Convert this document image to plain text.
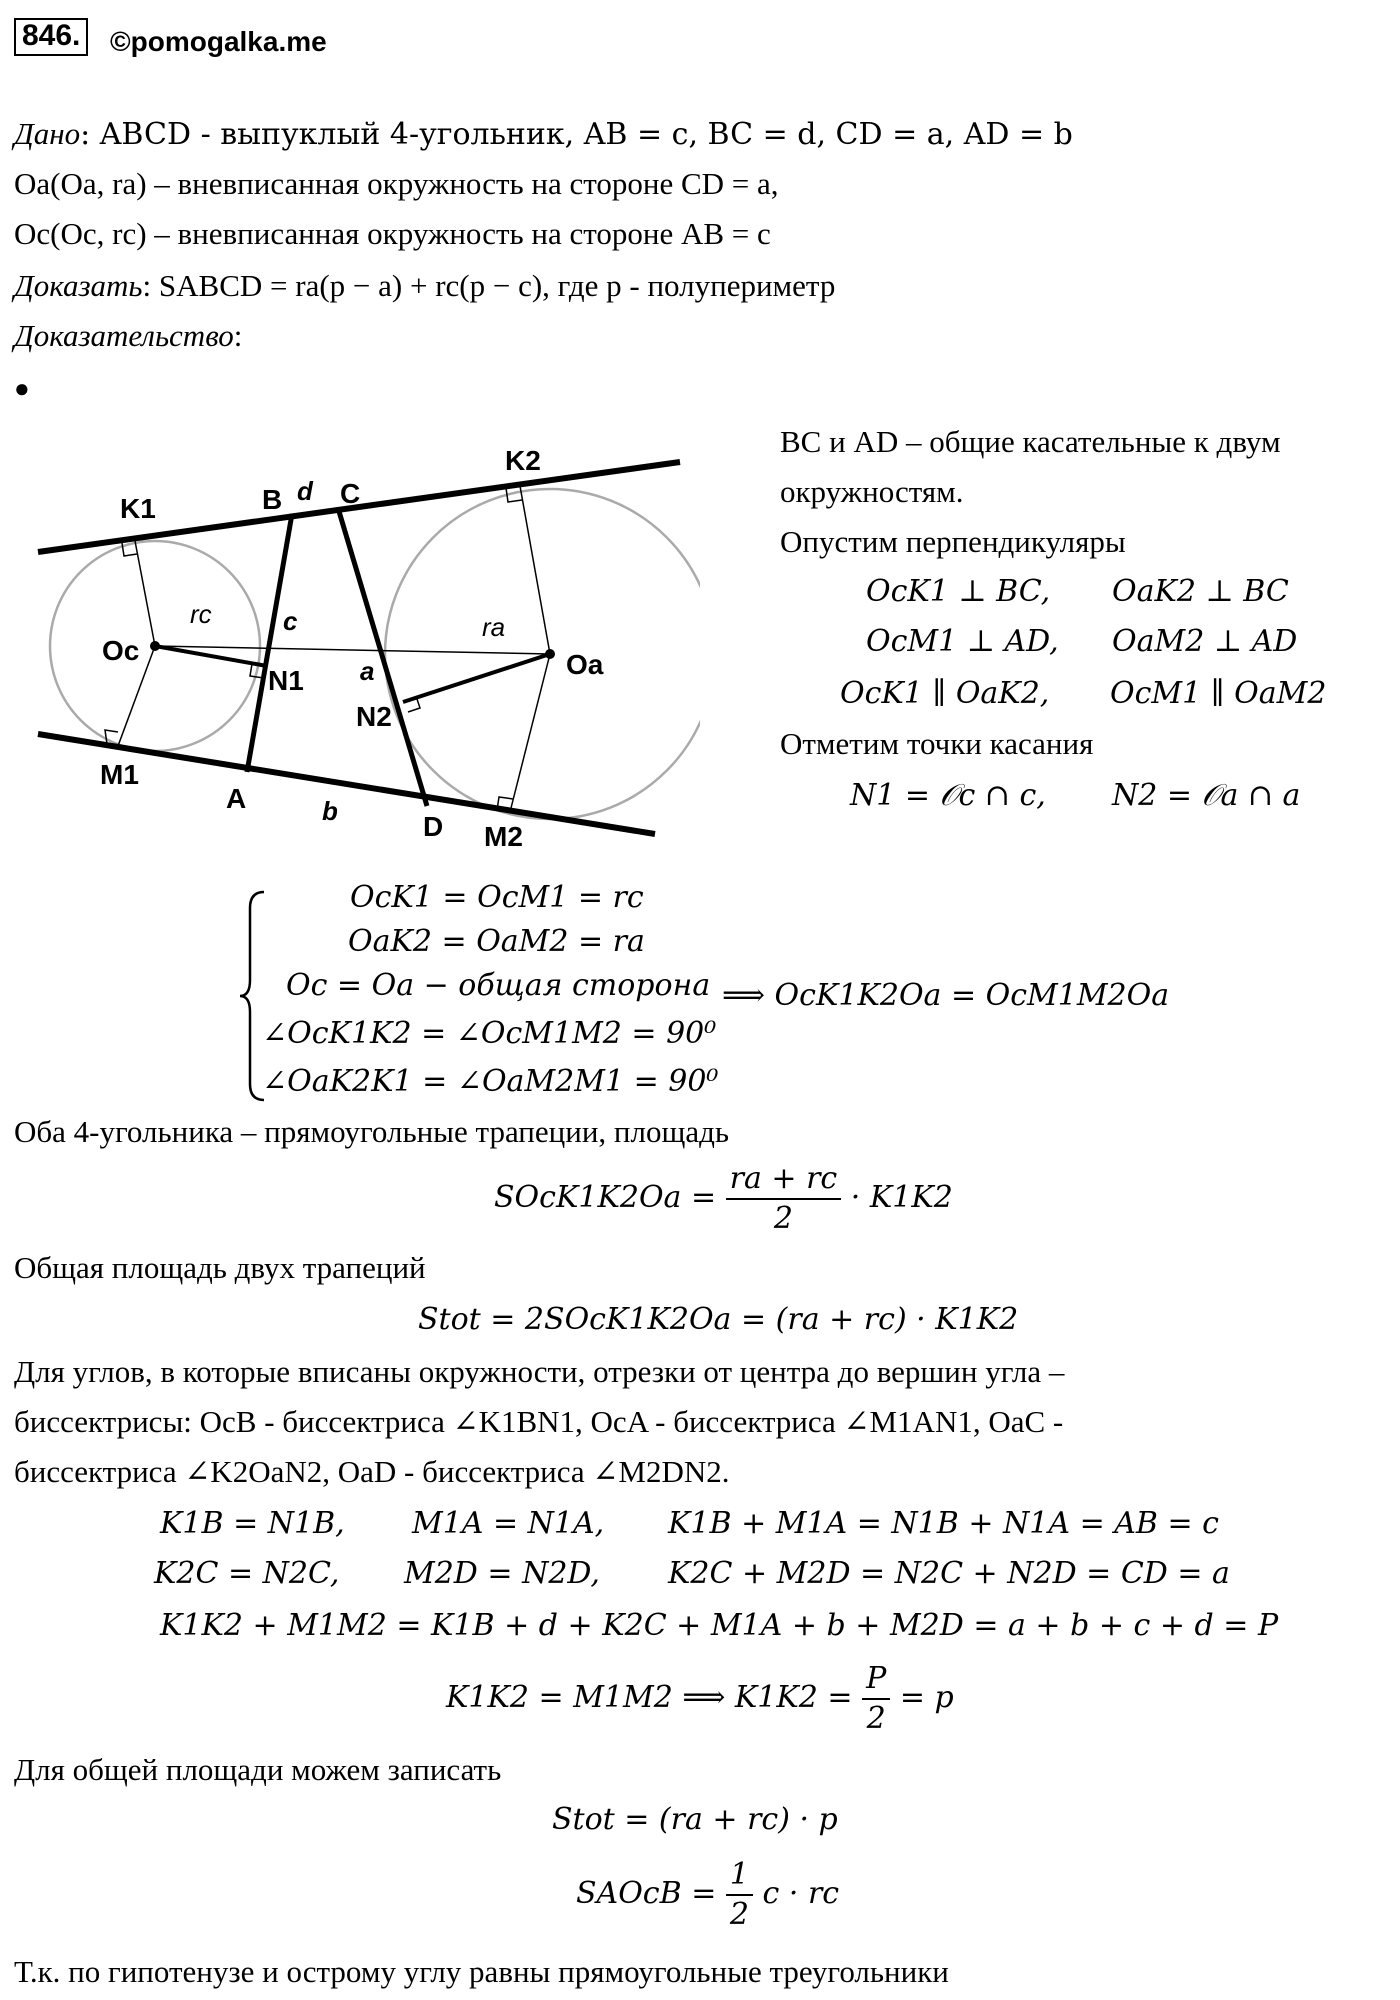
846. ©pomogalka.me
Дано: ABCD - выпуклый 4-угольник, AB = c, BC = d, CD = a, AD = b
Oa(Oa, ra) – вневписанная окружность на стороне CD = a,
Oc(Oc, rc) – вневписанная окружность на стороне AB = c
Доказать: SABCD = ra(p − a) + rc(p − c), где p - полупериметр
Доказательство:
●
K1	B d C
K2
Oc
rc	c	ra
Oa
N1 a
N2
M1
A	b	D M2
BC и AD – общие касательные к двум
окружностям.
Опустим перпендикуляры
OcK1 ⊥ BC, OaK2 ⊥ BC
OcM1 ⊥ AD, OaM2 ⊥ AD
OcK1 ∥ OaK2, OcM1 ∥ OaM2
Отметим точки касания
N1 = 𝒪c ∩ c, N2 = 𝒪a ∩ a
OcK1 = OcM1 = rc
OaK2 = OaM2 = ra
Oc = Oa − общая сторона
∠OcK1K2 = ∠OcM1M2 = 90⁰
∠OaK2K1 = ∠OaM2M1 = 90⁰
⟹ OcK1K2Oa = OcM1M2Oa
Оба 4-угольника – прямоугольные трапеции, площадь
SOcK1K2Oa = $\frac{ra + rc}{2} \cdot K1K2$
Общая площадь двух трапеций
Stot = 2SOcK1K2Oa = (ra + rc) · K1K2
Для углов, в которые вписаны окружности, отрезки от центра до вершин угла –
биссектрисы: OcB - биссектриса ∠K1BN1, OcA - биссектриса ∠M1AN1, OaC -
биссектриса ∠K2OaN2, OaD - биссектриса ∠M2DN2.
K1B = N1B, M1A = N1A, K1B + M1A = N1B + N1A = AB = c
K2C = N2C, M2D = N2D, K2C + M2D = N2C + N2D = CD = a
K1K2 + M1M2 = K1B + d + K2C + M1A + b + M2D = a + b + c + d = P
K1K2 = M1M2 ⟹ $K1K2 = \frac{P}{2} = p$
Для общей площади можем записать
Stot = (ra + rc) · p
SAOcB = $\frac{1}{2}$ c · rc
Т.к. по гипотенузе и острому углу равны прямоугольные треугольники
